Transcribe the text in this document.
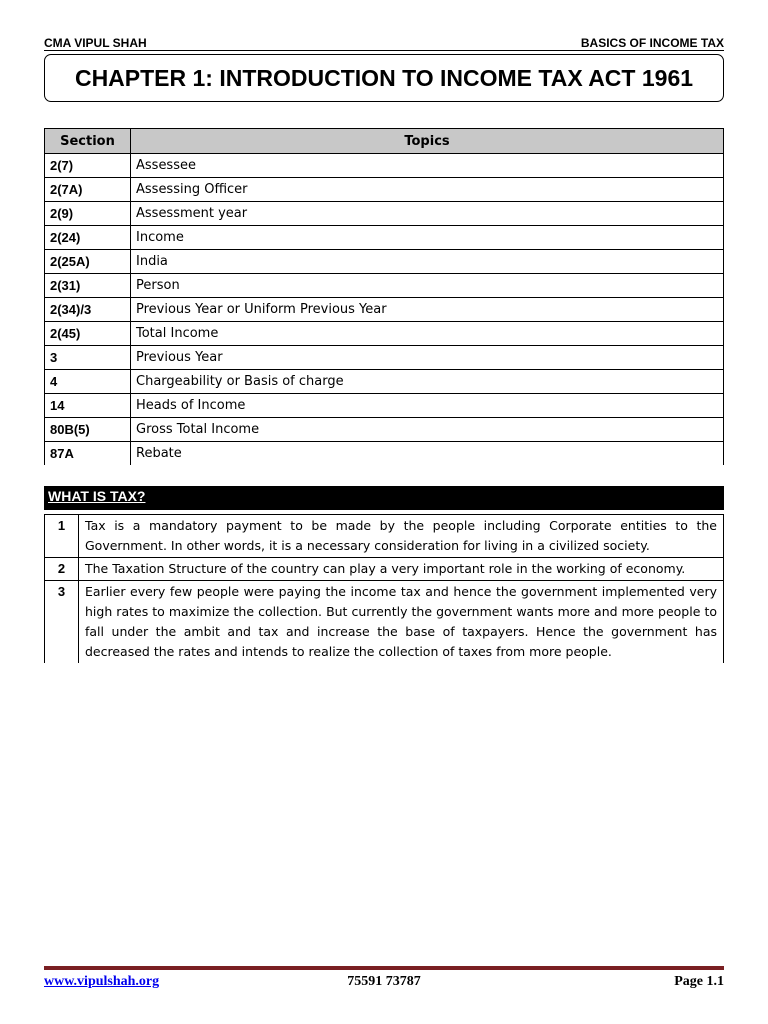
CMA VIPUL SHAH	BASICS OF INCOME TAX
CHAPTER 1: INTRODUCTION TO INCOME TAX ACT 1961
Section	Topics
2(7)	Assessee
2(7A)	Assessing Officer
2(9)	Assessment year
2(24)	Income
2(25A)	India
2(31)	Person
2(34)/3	Previous Year or Uniform Previous Year
2(45)	Total Income
3	Previous Year
4	Chargeability or Basis of charge
14	Heads of Income
80B(5)	Gross Total Income
87A	Rebate
WHAT IS TAX?
1	Tax is a mandatory payment to be made by the people including Corporate entities to the Government. In other words, it is a necessary consideration for living in a civilized society.
2	The Taxation Structure of the country can play a very important role in the working of economy.
3	Earlier every few people were paying the income tax and hence the government implemented very high rates to maximize the collection. But currently the government wants more and more people to fall under the ambit and tax and increase the base of taxpayers. Hence the government has decreased the rates and intends to realize the collection of taxes from more people.
www.vipulshah.org	75591 73787	Page 1.1
